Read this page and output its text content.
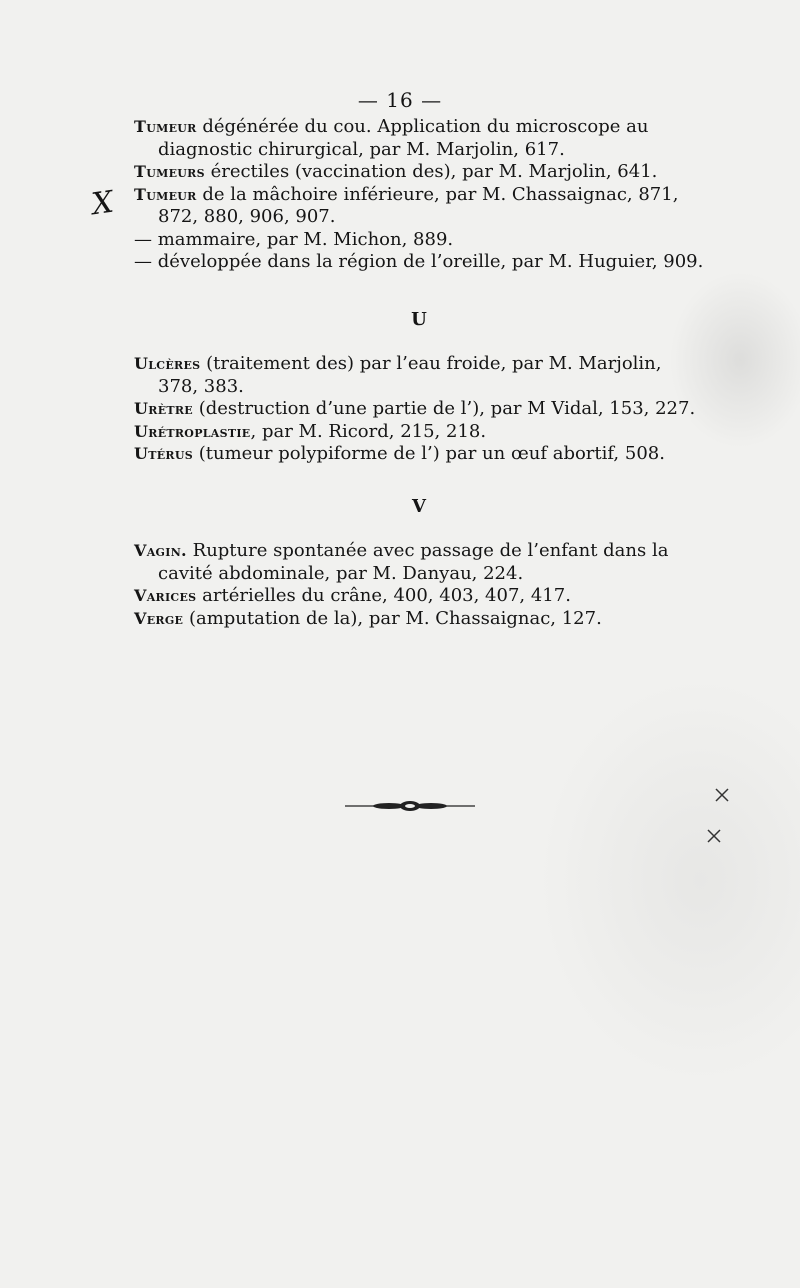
— 16 —
X

Tumeur dégénérée du cou. Application du microscope au diagnostic chirurgical, par M. Marjolin, 617.

Tumeurs érectiles (vaccination des), par M. Marjolin, 641.

Tumeur de la mâchoire inférieure, par M. Chassaignac, 871, 872, 880, 906, 907.

— mammaire, par M. Michon, 889.

— développée dans la région de l’oreille, par M. Huguier, 909.

U

Ulcères (traitement des) par l’eau froide, par M. Marjolin, 378, 383.

Urètre (destruction d’une partie de l’), par M Vidal, 153, 227.

Urétroplastie, par M. Ricord, 215, 218.

Utérus (tumeur polypiforme de l’) par un œuf abortif, 508.

V

Vagin. Rupture spontanée avec passage de l’enfant dans la cavité abdominale, par M. Danyau, 224.

Varices artérielles du crâne, 400, 403, 407, 417.

Verge (amputation de la), par M. Chassaignac, 127.
